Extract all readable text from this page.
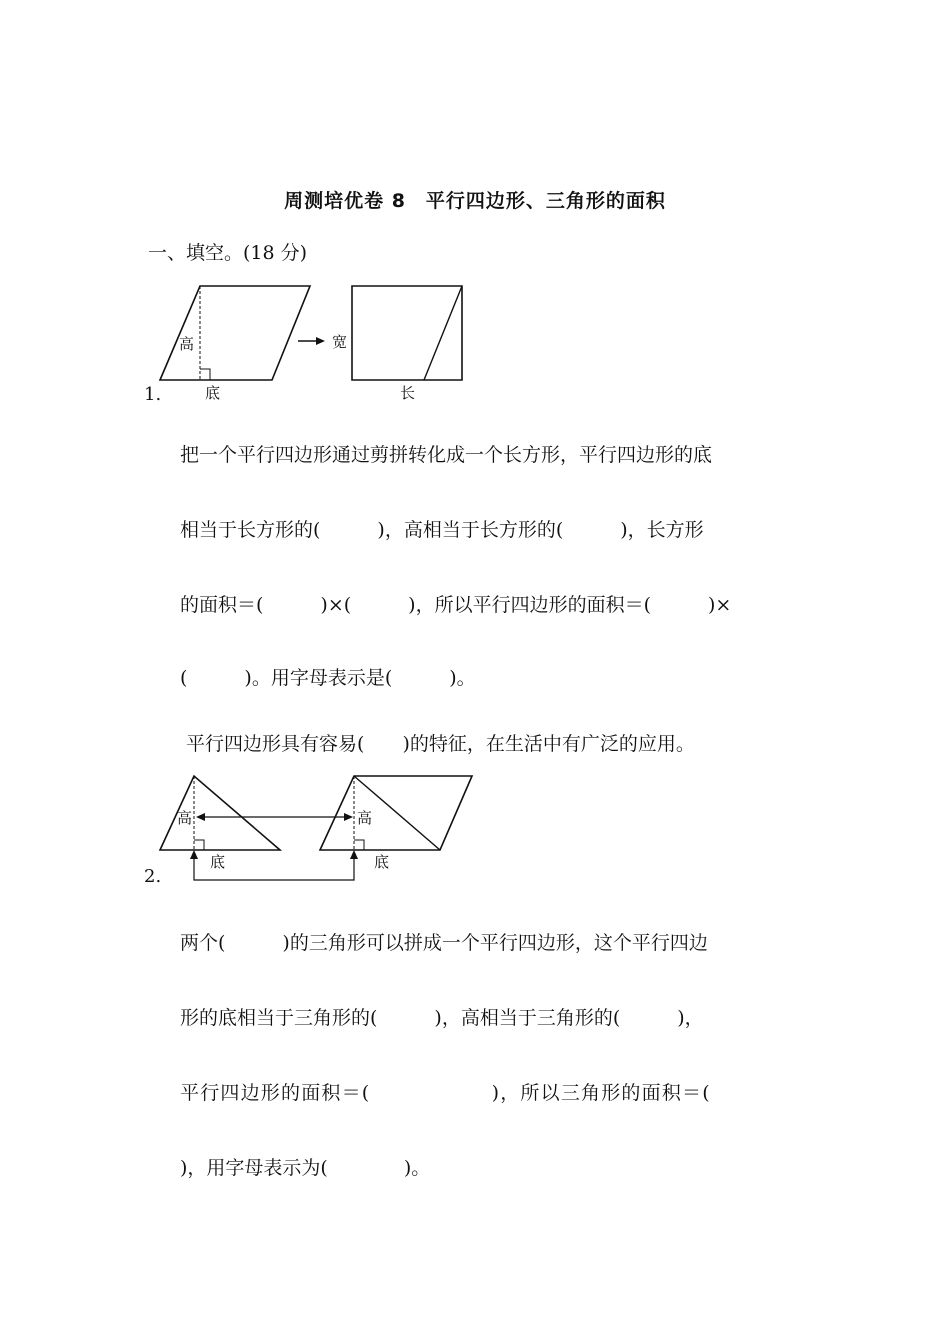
周测培优卷 8　平行四边形、三角形的面积
一、填空。(18 分)
高
底
宽
长
1.
把一个平行四边形通过剪拼转化成一个长方形，平行四边形的底
相当于长方形的(　　　)，高相当于长方形的(　　　)，长方形
的面积＝(　　　)×(　　　)，所以平行四边形的面积＝(　　　)×
(　　　)。用字母表示是(　　　)。
平行四边形具有容易(　　)的特征，在生活中有广泛的应用。
高
底
高
底
2.
两个(　　　)的三角形可以拼成一个平行四边形，这个平行四边
形的底相当于三角形的(　　　)，高相当于三角形的(　　　)，
平行四边形的面积＝(　　　　　　)，所以三角形的面积＝(
)，用字母表示为(　　　　)。
